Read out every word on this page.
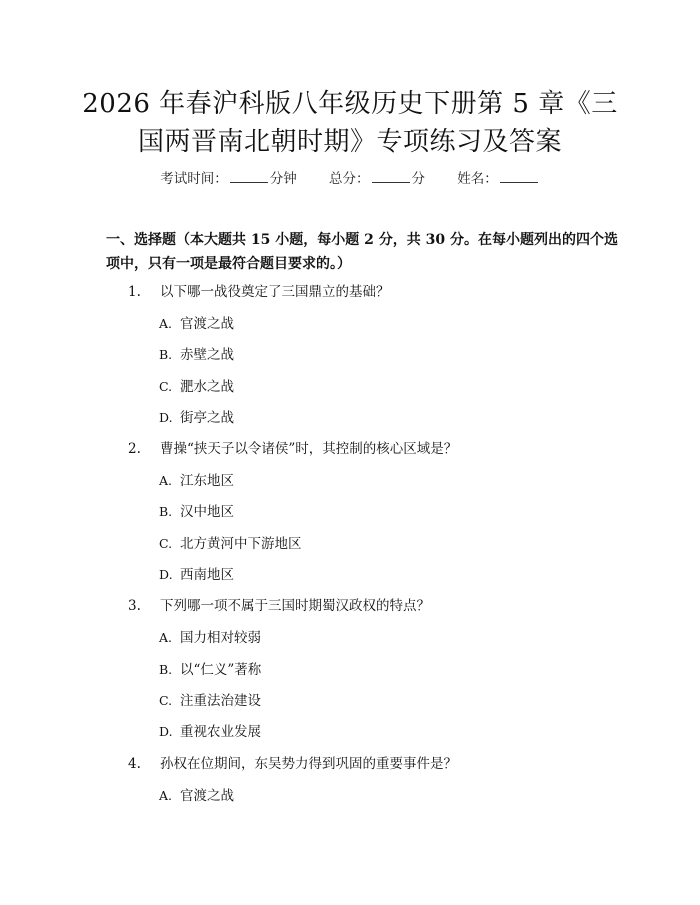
2026 年春沪科版八年级历史下册第 5 章《三
国两晋南北朝时期》专项练习及答案
考试时间：	分钟 总分：	分 姓名：

一、选择题（本大题共 15 小题，每小题 2 分，共 30 分。在每小题列出的四个选
项中，只有一项是最符合题目要求的。）

1.	以下哪一战役奠定了三国鼎立的基础？
A. 官渡之战
B. 赤壁之战
C. 淝水之战
D. 街亭之战
2.	曹操“挟天子以令诸侯”时，其控制的核心区域是？
A. 江东地区
B. 汉中地区
C. 北方黄河中下游地区
D. 西南地区
3.	下列哪一项不属于三国时期蜀汉政权的特点？
A. 国力相对较弱
B. 以“仁义”著称
C. 注重法治建设
D. 重视农业发展
4.	孙权在位期间，东吴势力得到巩固的重要事件是？
A. 官渡之战
